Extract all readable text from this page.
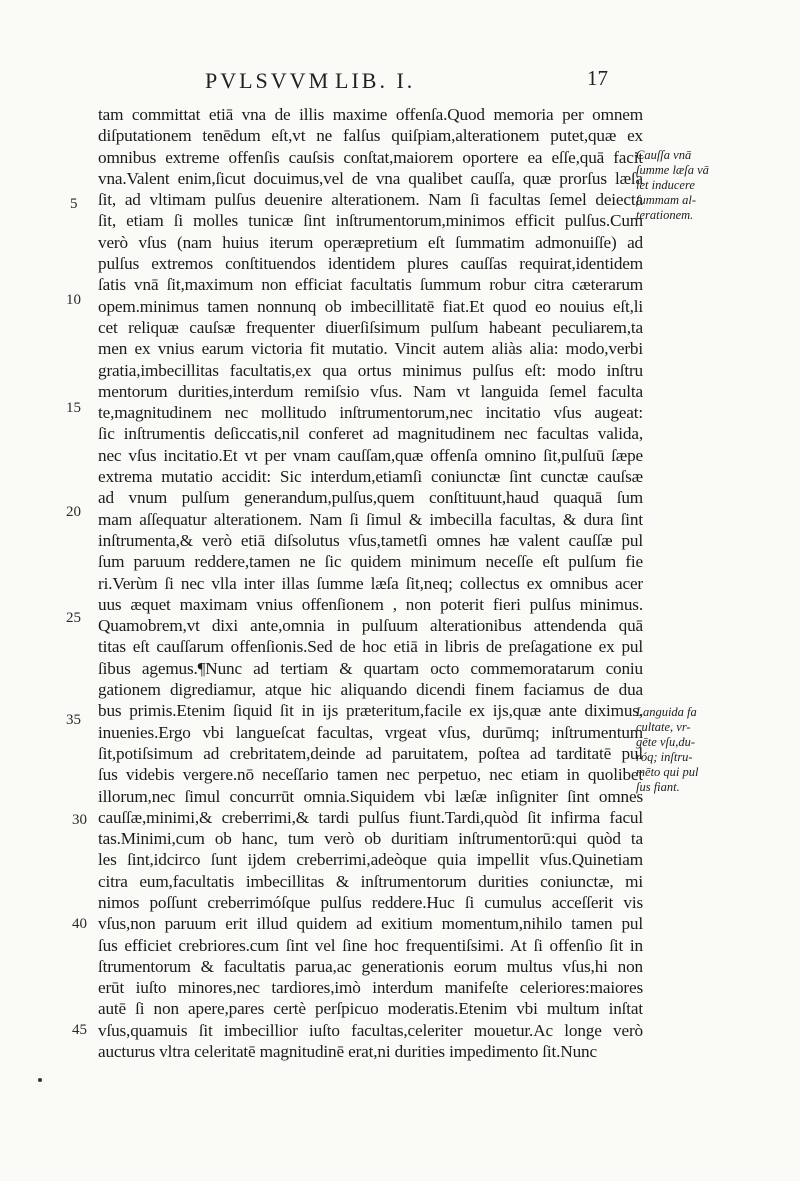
PVLSVVM LIB. I.	17
tam committat etiā vna de illis maxime offenſa.Quod memoria per omnem
diſputationem tenēdum eſt,vt ne falſus quiſpiam,alterationem putet,quæ ex
omnibus extreme offenſis cauſsis conſtat,maiorem oportere ea eſſe,quā facit
vna.Valent enim,ſicut docuimus,vel de vna qualibet cauſſa, quæ prorſus læſa
ſit, ad vltimam pulſus deuenire alterationem. Nam ſi facultas ſemel deiecta
ſit, etiam ſi molles tunicæ ſint inſtrumentorum,minimos efficit pulſus.Cum
verò vſus (nam huius iterum operæpretium eſt ſummatim admonuiſſe) ad
pulſus extremos conſtituendos identidem plures cauſſas requirat,identidem
ſatis vnā ſit,maximum non efficiat facultatis ſummum robur citra cæterarum
opem.minimus tamen nonnunq ob imbecillitatē fiat.Et quod eo nouius eſt,li
cet reliquæ cauſsæ frequenter diuerſiſsimum pulſum habeant peculiarem,ta
men ex vnius earum victoria fit mutatio. Vincit autem aliàs alia: modo,verbi
gratia,imbecillitas facultatis,ex qua ortus minimus pulſus eſt: modo inſtru
mentorum durities,interdum remiſsio vſus. Nam vt languida ſemel faculta
te,magnitudinem nec mollitudo inſtrumentorum,nec incitatio vſus augeat:
ſic inſtrumentis deſiccatis,nil conferet ad magnitudinem nec facultas valida,
nec vſus incitatio.Et vt per vnam cauſſam,quæ offenſa omnino ſit,pulſuū ſæpe
extrema mutatio accidit: Sic interdum,etiamſi coniunctæ ſint cunctæ cauſsæ
ad vnum pulſum generandum,pulſus,quem conſtituunt,haud quaquā ſum
mam aſſequatur alterationem. Nam ſi ſimul & imbecilla facultas, & dura ſint
inſtrumenta,& verò etiā diſsolutus vſus,tametſi omnes hæ valent cauſſæ pul
ſum paruum reddere,tamen ne ſic quidem minimum neceſſe eſt pulſum fie
ri.Verùm ſi nec vlla inter illas ſumme læſa ſit,neq; collectus ex omnibus acer
uus æquet maximam vnius offenſionem , non poterit fieri pulſus minimus.
Quamobrem,vt dixi ante,omnia in pulſuum alterationibus attendenda quā
titas eſt cauſſarum offenſionis.Sed de hoc etiā in libris de preſagatione ex pul
ſibus agemus.¶Nunc ad tertiam & quartam octo commemoratarum coniu
gationem digrediamur, atque hic aliquando dicendi finem faciamus de dua
bus primis.Etenim ſiquid ſit in ijs præteritum,facile ex ijs,quæ ante diximus,
inuenies.Ergo vbi langueſcat facultas, vrgeat vſus, durūmq; inſtrumentum
ſit,potiſsimum ad crebritatem,deinde ad paruitatem, poſtea ad tarditatē pul
ſus videbis vergere.nō neceſſario tamen nec perpetuo, nec etiam in quolibet
illorum,nec ſimul concurrūt omnia.Siquidem vbi læſæ inſigniter ſint omnes
cauſſæ,minimi,& creberrimi,& tardi pulſus fiunt.Tardi,quòd ſit infirma facul
tas.Minimi,cum ob hanc, tum verò ob duritiam inſtrumentorū:qui quòd ta
les ſint,idcirco ſunt ijdem creberrimi,adeòque quia impellit vſus.Quinetiam
citra eum,facultatis imbecillitas & inſtrumentorum durities coniunctæ, mi
nimos poſſunt creberrimóſque pulſus reddere.Huc ſi cumulus acceſſerit vis
vſus,non paruum erit illud quidem ad exitium momentum,nihilo tamen pul
ſus efficiet crebriores.cum ſint vel ſine hoc frequentiſsimi. At ſi offenſio ſit in
ſtrumentorum & facultatis parua,ac generationis eorum multus vſus,hi non
erūt iuſto minores,nec tardiores,imò interdum manifeſte celeriores:maiores
autē ſi non apere,pares certè perſpicuo moderatis.Etenim vbi multum inſtat
vſus,quamuis ſit imbecillior iuſto facultas,celeriter mouetur.Ac longe verò
aucturus vltra celeritatē magnitudinē erat,ni durities impedimento ſit.Nunc
5
10
15
20
25
35
30
40
45
Cauſſa vnā
ſumme læſa vā
let inducere
ſummam al-
terationem.
Languida fa
cultate, vr-
gēte vſu,du-
róq; inſtru-
mēto qui pul
ſus fiant.
